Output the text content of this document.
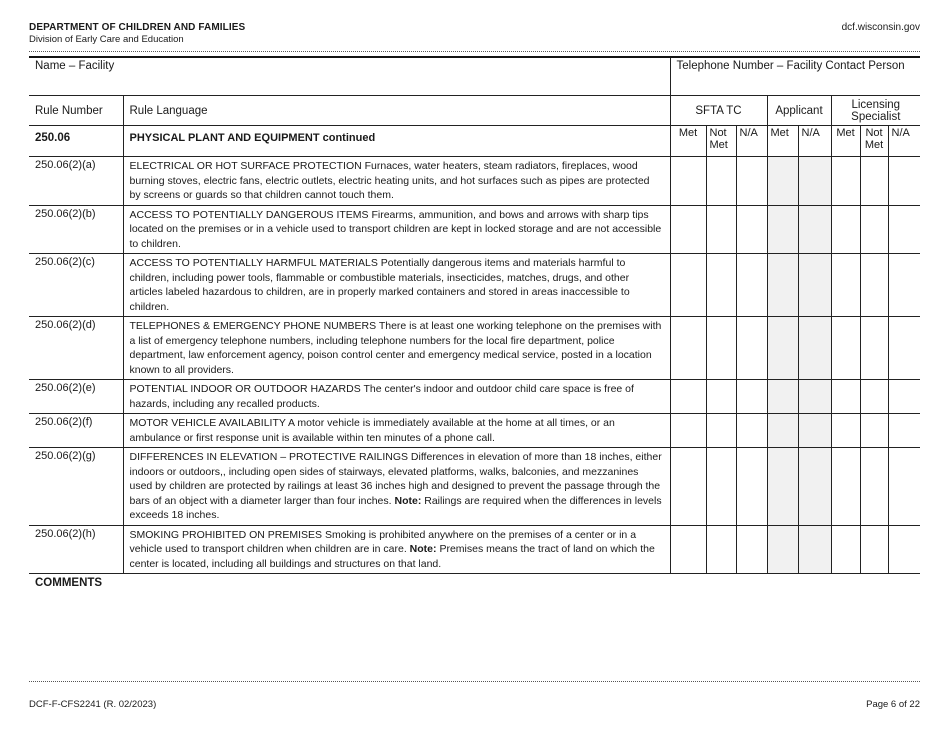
DEPARTMENT OF CHILDREN AND FAMILIES
Division of Early Care and Education
dcf.wisconsin.gov
Name – Facility		Telephone Number – Facility Contact Person							
Rule Number	Rule Language	SFTA TC			Applicant		Licensing Specialist		
250.06	PHYSICAL PLANT AND EQUIPMENT continued	Met	Not Met	N/A	Met	N/A	Met	Not Met	N/A
250.06(2)(a)	ELECTRICAL OR HOT SURFACE PROTECTION Furnaces, water heaters, steam radiators, fireplaces, wood burning stoves, electric fans, electric outlets, electric heating units, and hot surfaces such as pipes are protected by screens or guards so that children cannot touch them.								
250.06(2)(b)	ACCESS TO POTENTIALLY DANGEROUS ITEMS Firearms, ammunition, and bows and arrows with sharp tips located on the premises or in a vehicle used to transport children are kept in locked storage and are not accessible to children.								
250.06(2)(c)	ACCESS TO POTENTIALLY HARMFUL MATERIALS Potentially dangerous items and materials harmful to children, including power tools, flammable or combustible materials, insecticides, matches, drugs, and other articles labeled hazardous to children, are in properly marked containers and stored in areas inaccessible to children.								
250.06(2)(d)	TELEPHONES & EMERGENCY PHONE NUMBERS There is at least one working telephone on the premises with a list of emergency telephone numbers, including telephone numbers for the local fire department, police department, law enforcement agency, poison control center and emergency medical service, posted in a location known to all providers.								
250.06(2)(e)	POTENTIAL INDOOR OR OUTDOOR HAZARDS The center's indoor and outdoor child care space is free of hazards, including any recalled products.								
250.06(2)(f)	MOTOR VEHICLE AVAILABILITY A motor vehicle is immediately available at the home at all times, or an ambulance or first response unit is available within ten minutes of a phone call.								
250.06(2)(g)	DIFFERENCES IN ELEVATION – PROTECTIVE RAILINGS Differences in elevation of more than 18 inches, either indoors or outdoors,, including open sides of stairways, elevated platforms, walks, balconies, and mezzanines used by children are protected by railings at least 36 inches high and designed to prevent the passage through the bars of an object with a diameter larger than four inches. Note: Railings are required when the differences in levels exceeds 18 inches.								
250.06(2)(h)	SMOKING PROHIBITED ON PREMISES Smoking is prohibited anywhere on the premises of a center or in a vehicle used to transport children when children are in care. Note: Premises means the tract of land on which the center is located, including all buildings and structures on that land.								
COMMENTS									
DCF-F-CFS2241 (R. 02/2023)	Page 6 of 22
